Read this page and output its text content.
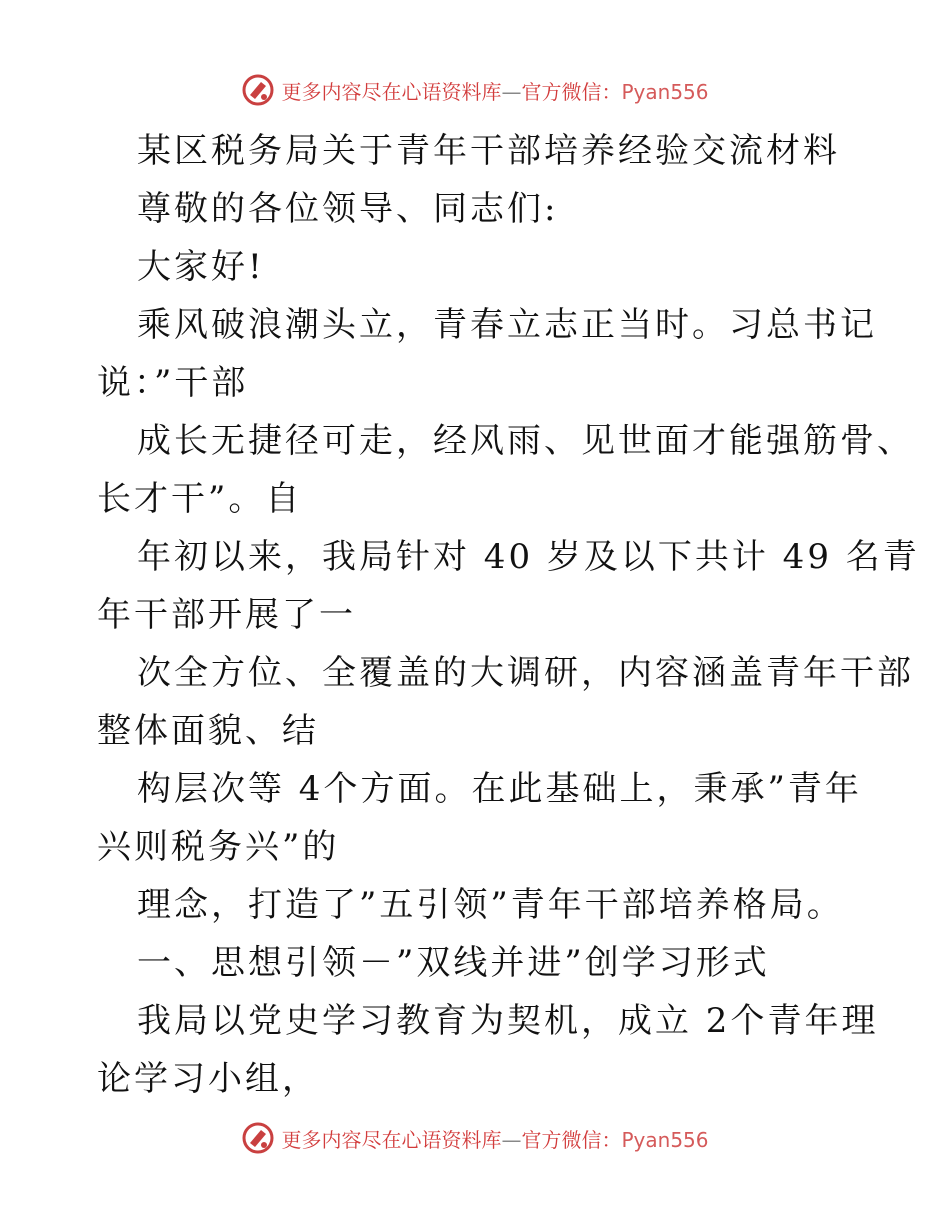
更多内容尽在心语资料库—官方微信：Pyan556
某区税务局关于青年干部培养经验交流材料
尊敬的各位领导、同志们:
大家好!
乘风破浪潮头立，青春立志正当时。习总书记
说：”干部
成长无捷径可走，经风雨、见世面才能强筋骨、
长才干”。自
年初以来，我局针对 40 岁及以下共计 49 名青
年干部开展了一
次全方位、全覆盖的大调研，内容涵盖青年干部
整体面貌、结
构层次等 4个方面。在此基础上，秉承”青年
兴则税务兴”的
理念，打造了”五引领”青年干部培养格局。
一、思想引领－”双线并进”创学习形式
我局以党史学习教育为契机，成立 2个青年理
论学习小组，
更多内容尽在心语资料库—官方微信：Pyan556
